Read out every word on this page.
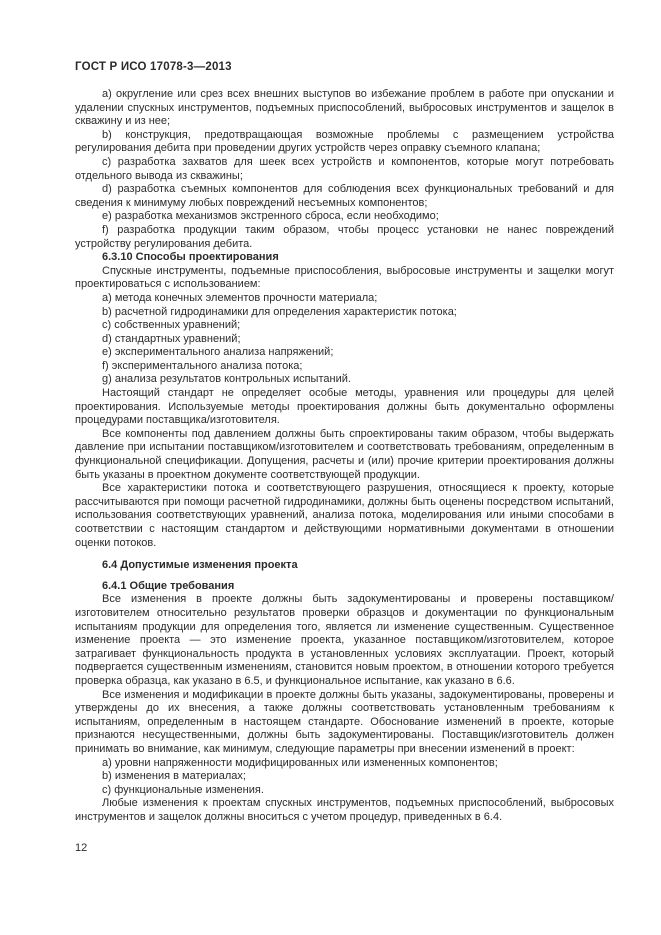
ГОСТ Р ИСО 17078-3—2013

a) округление или срез всех внешних выступов во избежание проблем в работе при опускании и удалении спускных инструментов, подъемных приспособлений, выбросовых инструментов и защелок в скважину и из нее;

b) конструкция, предотвращающая возможные проблемы с размещением устройства регулирования дебита при проведении других устройств через оправку съемного клапана;

c) разработка захватов для шеек всех устройств и компонентов, которые могут потребовать отдельного вывода из скважины;

d) разработка съемных компонентов для соблюдения всех функциональных требований и для сведения к минимуму любых повреждений несъемных компонентов;

e) разработка механизмов экстренного сброса, если необходимо;

f) разработка продукции таким образом, чтобы процесс установки не нанес повреждений устройству регулирования дебита.

6.3.10 Способы проектирования

Спускные инструменты, подъемные приспособления, выбросовые инструменты и защелки могут проектироваться с использованием:

a) метода конечных элементов прочности материала;

b) расчетной гидродинамики для определения характеристик потока;

c) собственных уравнений;

d) стандартных уравнений;

e) экспериментального анализа напряжений;

f) экспериментального анализа потока;

g) анализа результатов контрольных испытаний.

Настоящий стандарт не определяет особые методы, уравнения или процедуры для целей проектирования. Используемые методы проектирования должны быть документально оформлены процедурами поставщика/изготовителя.

Все компоненты под давлением должны быть спроектированы таким образом, чтобы выдержать давление при испытании поставщиком/изготовителем и соответствовать требованиям, определенным в функциональной спецификации. Допущения, расчеты и (или) прочие критерии проектирования должны быть указаны в проектном документе соответствующей продукции.

Все характеристики потока и соответствующего разрушения, относящиеся к проекту, которые рассчитываются при помощи расчетной гидродинамики, должны быть оценены посредством испытаний, использования соответствующих уравнений, анализа потока, моделирования или иными способами в соответствии с настоящим стандартом и действующими нормативными документами в отношении оценки потоков.

6.4 Допустимые изменения проекта

6.4.1 Общие требования

Все изменения в проекте должны быть задокументированы и проверены поставщиком/изготовителем относительно результатов проверки образцов и документации по функциональным испытаниям продукции для определения того, является ли изменение существенным. Существенное изменение проекта — это изменение проекта, указанное поставщиком/изготовителем, которое затрагивает функциональность продукта в установленных условиях эксплуатации. Проект, который подвергается существенным изменениям, становится новым проектом, в отношении которого требуется проверка образца, как указано в 6.5, и функциональное испытание, как указано в 6.6.

Все изменения и модификации в проекте должны быть указаны, задокументированы, проверены и утверждены до их внесения, а также должны соответствовать установленным требованиям к испытаниям, определенным в настоящем стандарте. Обоснование изменений в проекте, которые признаются несущественными, должны быть задокументированы. Поставщик/изготовитель должен принимать во внимание, как минимум, следующие параметры при внесении изменений в проект:

a) уровни напряженности модифицированных или измененных компонентов;

b) изменения в материалах;

c) функциональные изменения.

Любые изменения к проектам спускных инструментов, подъемных приспособлений, выбросовых инструментов и защелок должны вноситься с учетом процедур, приведенных в 6.4.

12
